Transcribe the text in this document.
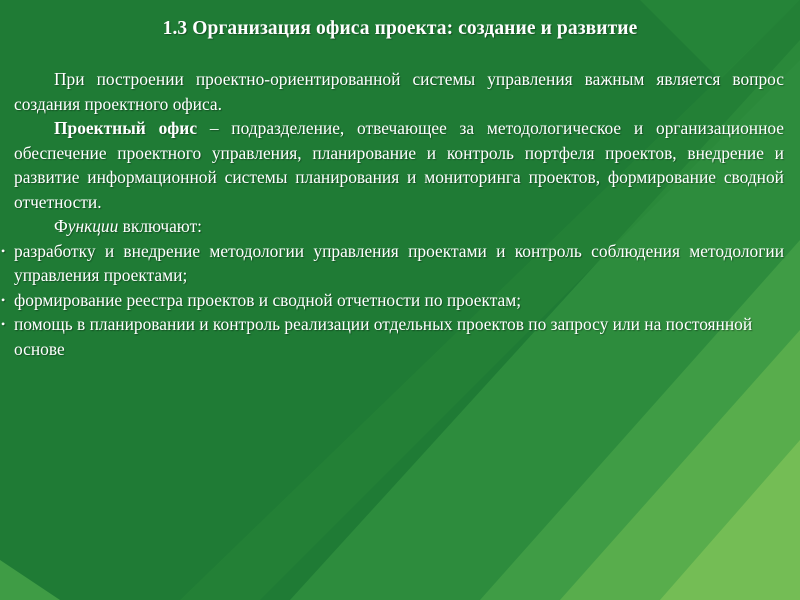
1.3 Организация офиса проекта: создание и развитие

При построении проектно-ориентированной системы управления важным является вопрос создания проектного офиса.

Проектный офис – подразделение, отвечающее за методологическое и организационное обеспечение проектного управления, планирование и контроль портфеля проектов, внедрение и развитие информационной системы планирования и мониторинга проектов, формирование сводной отчетности.

Функции включают:

• разработку и внедрение методологии управления проектами и контроль соблюдения методологии управления проектами;
• формирование реестра проектов и сводной отчетности по проектам;
• помощь в планировании и контроль реализации отдельных проектов по запросу или на постоянной основе
